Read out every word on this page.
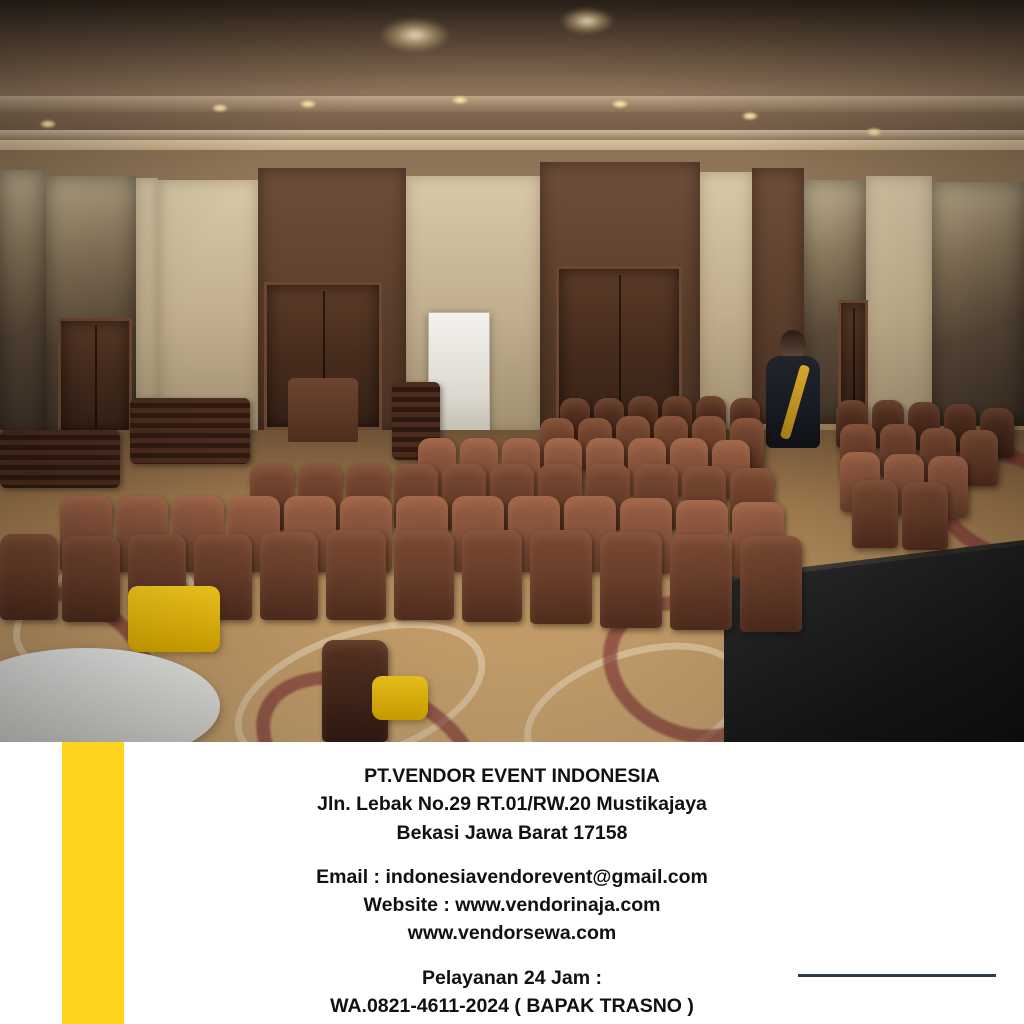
PT.VENDOR EVENT INDONESIA
Jln. Lebak No.29 RT.01/RW.20 Mustikajaya
Bekasi Jawa Barat 17158
Email : indonesiavendorevent@gmail.com
Website : www.vendorinaja.com
www.vendorsewa.com
Pelayanan 24 Jam :
WA.0821-4611-2024 ( BAPAK TRASNO )
